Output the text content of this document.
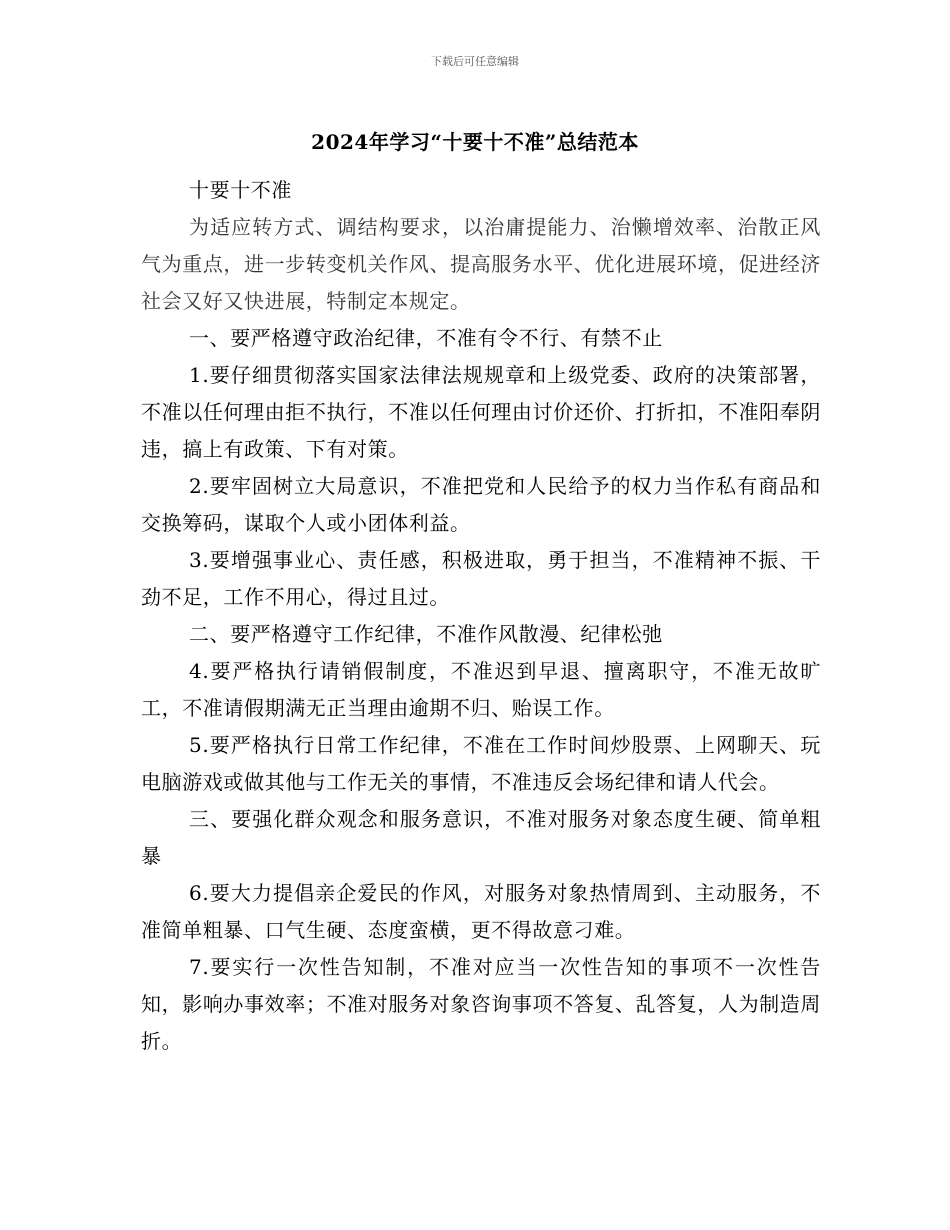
下载后可任意编辑
2024年学习“十要十不准”总结范本

十要十不准

为适应转方式、调结构要求，以治庸提能力、治懒增效率、治散正风气为重点，进一步转变机关作风、提高服务水平、优化进展环境，促进经济社会又好又快进展，特制定本规定。

一、要严格遵守政治纪律，不准有令不行、有禁不止

1.要仔细贯彻落实国家法律法规规章和上级党委、政府的决策部署，不准以任何理由拒不执行，不准以任何理由讨价还价、打折扣，不准阳奉阴违，搞上有政策、下有对策。

2.要牢固树立大局意识，不准把党和人民给予的权力当作私有商品和交换筹码，谋取个人或小团体利益。

3.要增强事业心、责任感，积极进取，勇于担当，不准精神不振、干劲不足，工作不用心，得过且过。

二、要严格遵守工作纪律，不准作风散漫、纪律松弛

4.要严格执行请销假制度，不准迟到早退、擅离职守，不准无故旷工，不准请假期满无正当理由逾期不归、贻误工作。

5.要严格执行日常工作纪律，不准在工作时间炒股票、上网聊天、玩电脑游戏或做其他与工作无关的事情，不准违反会场纪律和请人代会。

三、要强化群众观念和服务意识，不准对服务对象态度生硬、简单粗暴

6.要大力提倡亲企爱民的作风，对服务对象热情周到、主动服务，不准简单粗暴、口气生硬、态度蛮横，更不得故意刁难。

7.要实行一次性告知制，不准对应当一次性告知的事项不一次性告知，影响办事效率；不准对服务对象咨询事项不答复、乱答复，人为制造周折。
